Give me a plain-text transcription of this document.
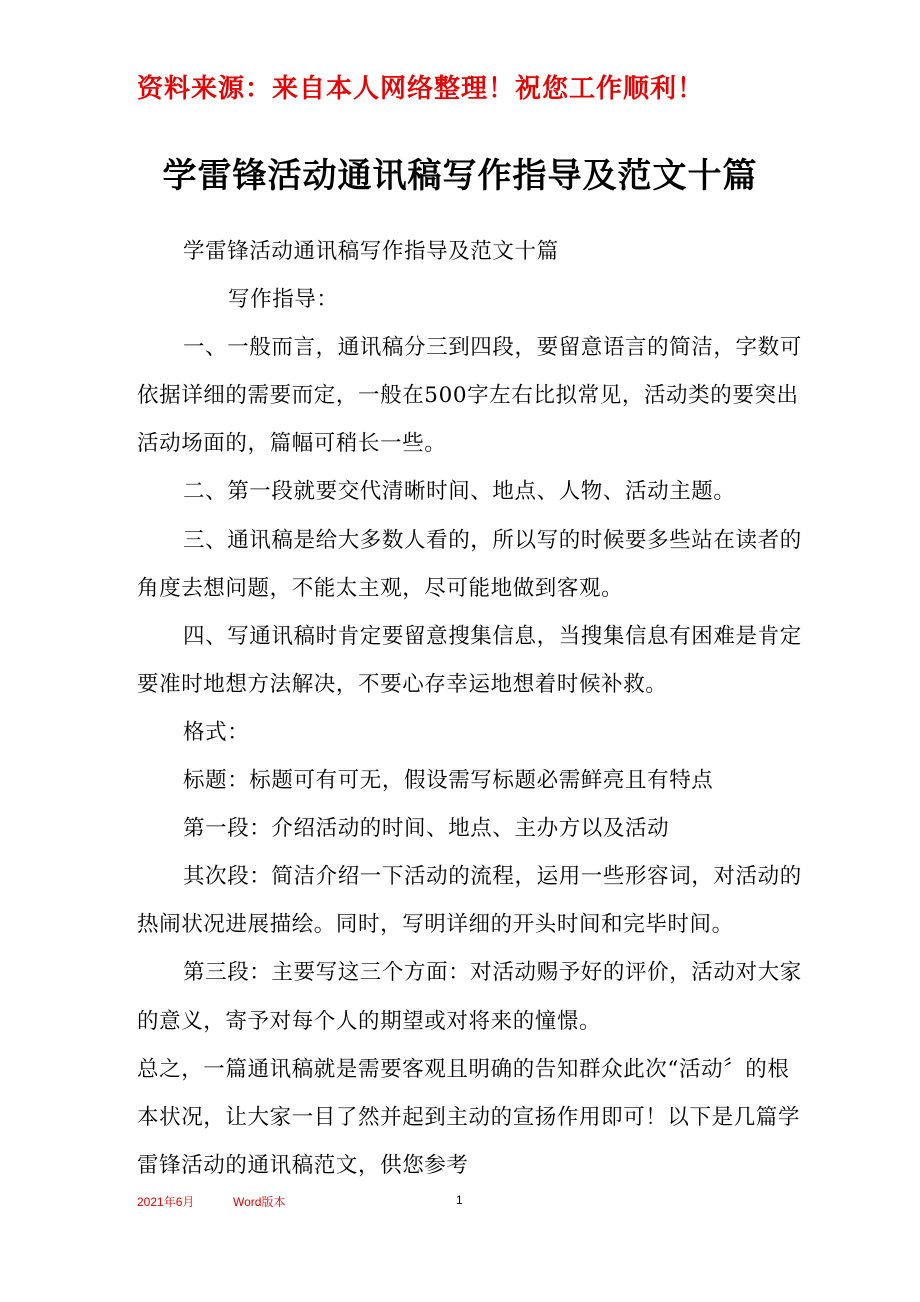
资料来源：来自本人网络整理！祝您工作顺利！
学雷锋活动通讯稿写作指导及范文十篇
学雷锋活动通讯稿写作指导及范文十篇
写作指导：
一、一般而言，通讯稿分三到四段，要留意语言的简洁，字数可
依据详细的需要而定，一般在500字左右比拟常见，活动类的要突出
活动场面的，篇幅可稍长一些。
二、第一段就要交代清晰时间、地点、人物、活动主题。
三、通讯稿是给大多数人看的，所以写的时候要多些站在读者的
角度去想问题，不能太主观，尽可能地做到客观。
四、写通讯稿时肯定要留意搜集信息，当搜集信息有困难是肯定
要准时地想方法解决，不要心存幸运地想着时候补救。
格式：
标题：标题可有可无，假设需写标题必需鲜亮且有特点
第一段：介绍活动的时间、地点、主办方以及活动
其次段：简洁介绍一下活动的流程，运用一些形容词，对活动的
热闹状况进展描绘。同时，写明详细的开头时间和完毕时间。
第三段：主要写这三个方面：对活动赐予好的评价，活动对大家
的意义，寄予对每个人的期望或对将来的憧憬。
总之，一篇通讯稿就是需要客观且明确的告知群众此次“活动〞的根
本状况，让大家一目了然并起到主动的宣扬作用即可！以下是几篇学
雷锋活动的通讯稿范文，供您参考
2021年6月	Word版本	1
